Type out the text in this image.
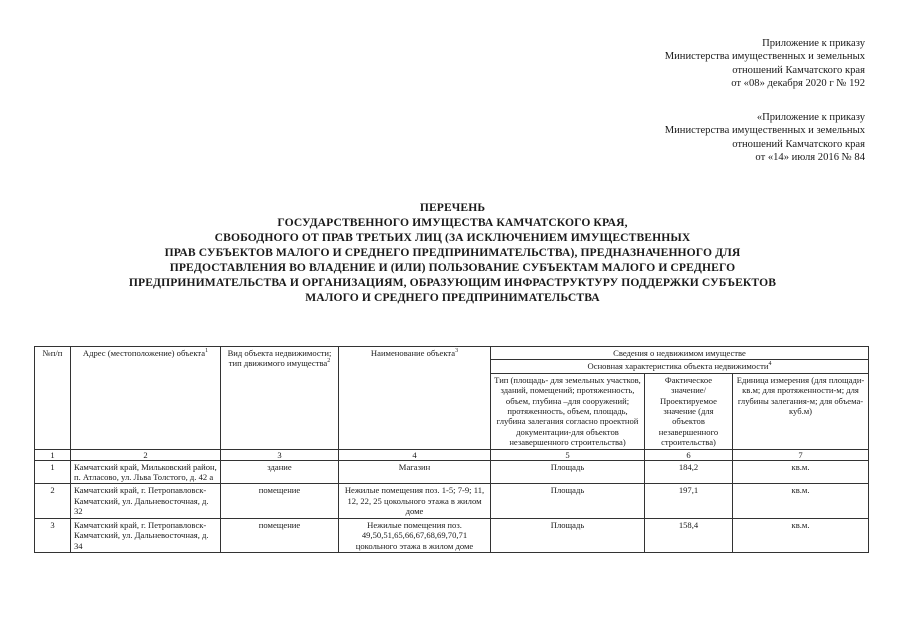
Приложение к приказу
Министерства имущественных и земельных
отношений Камчатского края
от «08» декабря 2020 г № 192
«Приложение к приказу
Министерства имущественных и земельных
отношений Камчатского края
от «14» июля 2016 № 84
ПЕРЕЧЕНЬ
ГОСУДАРСТВЕННОГО ИМУЩЕСТВА КАМЧАТСКОГО КРАЯ,
СВОБОДНОГО ОТ ПРАВ ТРЕТЬИХ ЛИЦ (ЗА ИСКЛЮЧЕНИЕМ ИМУЩЕСТВЕННЫХ
ПРАВ СУБЪЕКТОВ МАЛОГО И СРЕДНЕГО ПРЕДПРИНИМАТЕЛЬСТВА), ПРЕДНАЗНАЧЕННОГО ДЛЯ
ПРЕДОСТАВЛЕНИЯ ВО ВЛАДЕНИЕ И (ИЛИ) ПОЛЬЗОВАНИЕ СУБЪЕКТАМ МАЛОГО И СРЕДНЕГО
ПРЕДПРИНИМАТЕЛЬСТВА И ОРГАНИЗАЦИЯМ, ОБРАЗУЮЩИМ ИНФРАСТРУКТУРУ ПОДДЕРЖКИ СУБЪЕКТОВ
МАЛОГО И СРЕДНЕГО ПРЕДПРИНИМАТЕЛЬСТВА
№п/п	Адрес (местоположение) объекта$^1$	Вид объекта недвижимости; тип движимого имущества$^2$	Наименование объекта$^3$	Сведения о недвижимом имуществе		
				Основная характеристика объекта недвижимости$^4$
				Тип (площадь- для земельных участков, зданий, помещений; протяженность, объем, глубина –для сооружений; протяженность, объем, площадь, глубина залегания согласно проектной документации-для объектов незавершенного строительства)	Фактическое значение/Проектируемое значение (для объектов незавершенного строительства)	Единица измерения (для площади- кв.м; для протяженности-м; для глубины залегания-м; для объема- куб.м)
1	2	3	4	5	6	7
1	Камчатский край, Мильковский район, п. Атласово, ул. Льва Толстого, д. 42 а	здание	Магазин	Площадь	184,2	кв.м.
2	Камчатский край, г. Петропавловск-Камчатский, ул. Дальневосточная, д. 32	помещение	Нежилые помещения поз. 1-5; 7-9; 11, 12, 22, 25 цокольного этажа в жилом доме	Площадь	197,1	кв.м.
3	Камчатский край, г. Петропавловск-Камчатский, ул. Дальневосточная, д. 34	помещение	Нежилые помещения поз. 49,50,51,65,66,67,68,69,70,71 цокольного этажа в жилом доме	Площадь	158,4	кв.м.
